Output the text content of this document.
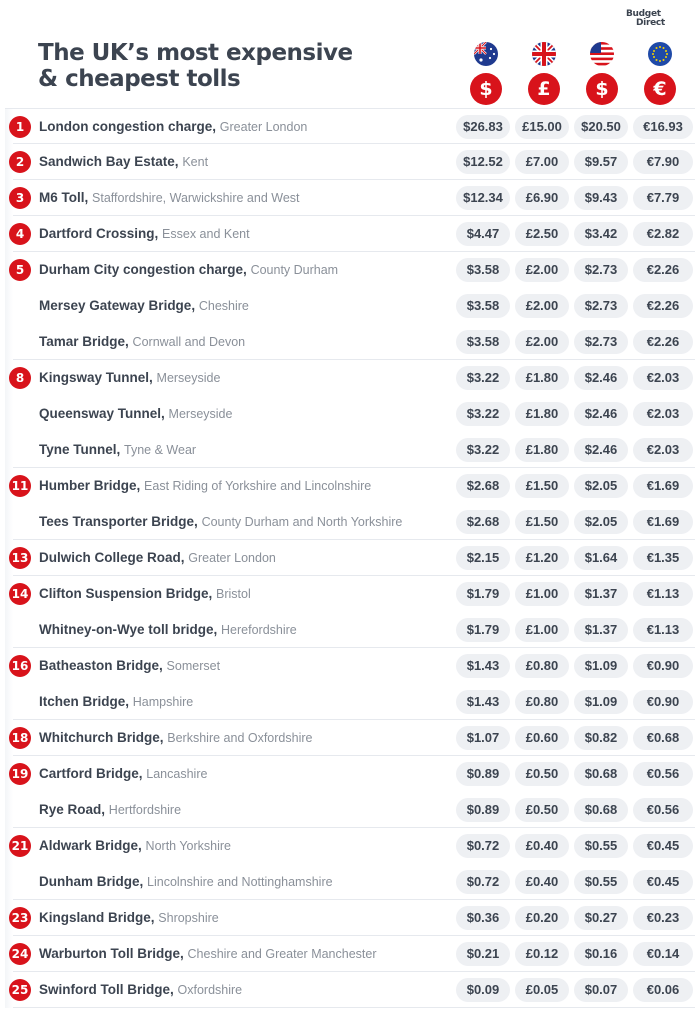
The UK’s most expensive
& cheapest tolls
Budget
Direct
$	£	$	€
1	London congestion charge, Greater London	$26.83	£15.00	$20.50	€16.93
2	Sandwich Bay Estate, Kent	$12.52	£7.00	$9.57	€7.90
3	M6 Toll, Staffordshire, Warwickshire and West	$12.34	£6.90	$9.43	€7.79
4	Dartford Crossing, Essex and Kent	$4.47	£2.50	$3.42	€2.82
5	Durham City congestion charge, County Durham	$3.58	£2.00	$2.73	€2.26
Mersey Gateway Bridge, Cheshire	$3.58	£2.00	$2.73	€2.26
Tamar Bridge, Cornwall and Devon	$3.58	£2.00	$2.73	€2.26
8	Kingsway Tunnel, Merseyside	$3.22	£1.80	$2.46	€2.03
Queensway Tunnel, Merseyside	$3.22	£1.80	$2.46	€2.03
Tyne Tunnel, Tyne & Wear	$3.22	£1.80	$2.46	€2.03
11 Humber Bridge, East Riding of Yorkshire and Lincolnshire	$2.68	£1.50	$2.05	€1.69
Tees Transporter Bridge, County Durham and North Yorkshire	$2.68	£1.50	$2.05	€1.69
13 Dulwich College Road, Greater London	$2.15	£1.20	$1.64	€1.35
14 Clifton Suspension Bridge, Bristol	$1.79	£1.00	$1.37	€1.13
Whitney-on-Wye toll bridge, Herefordshire	$1.79	£1.00	$1.37	€1.13
16 Batheaston Bridge, Somerset	$1.43	£0.80	$1.09	€0.90
Itchen Bridge, Hampshire	$1.43	£0.80	$1.09	€0.90
18 Whitchurch Bridge, Berkshire and Oxfordshire	$1.07	£0.60	$0.82	€0.68
19 Cartford Bridge, Lancashire	$0.89	£0.50	$0.68	€0.56
Rye Road, Hertfordshire	$0.89	£0.50	$0.68	€0.56
21 Aldwark Bridge, North Yorkshire	$0.72	£0.40	$0.55	€0.45
Dunham Bridge, Lincolnshire and Nottinghamshire	$0.72	£0.40	$0.55	€0.45
23 Kingsland Bridge, Shropshire	$0.36	£0.20	$0.27	€0.23
24 Warburton Toll Bridge, Cheshire and Greater Manchester	$0.21	£0.12	$0.16	€0.14
25 Swinford Toll Bridge, Oxfordshire	$0.09	£0.05	$0.07	€0.06
